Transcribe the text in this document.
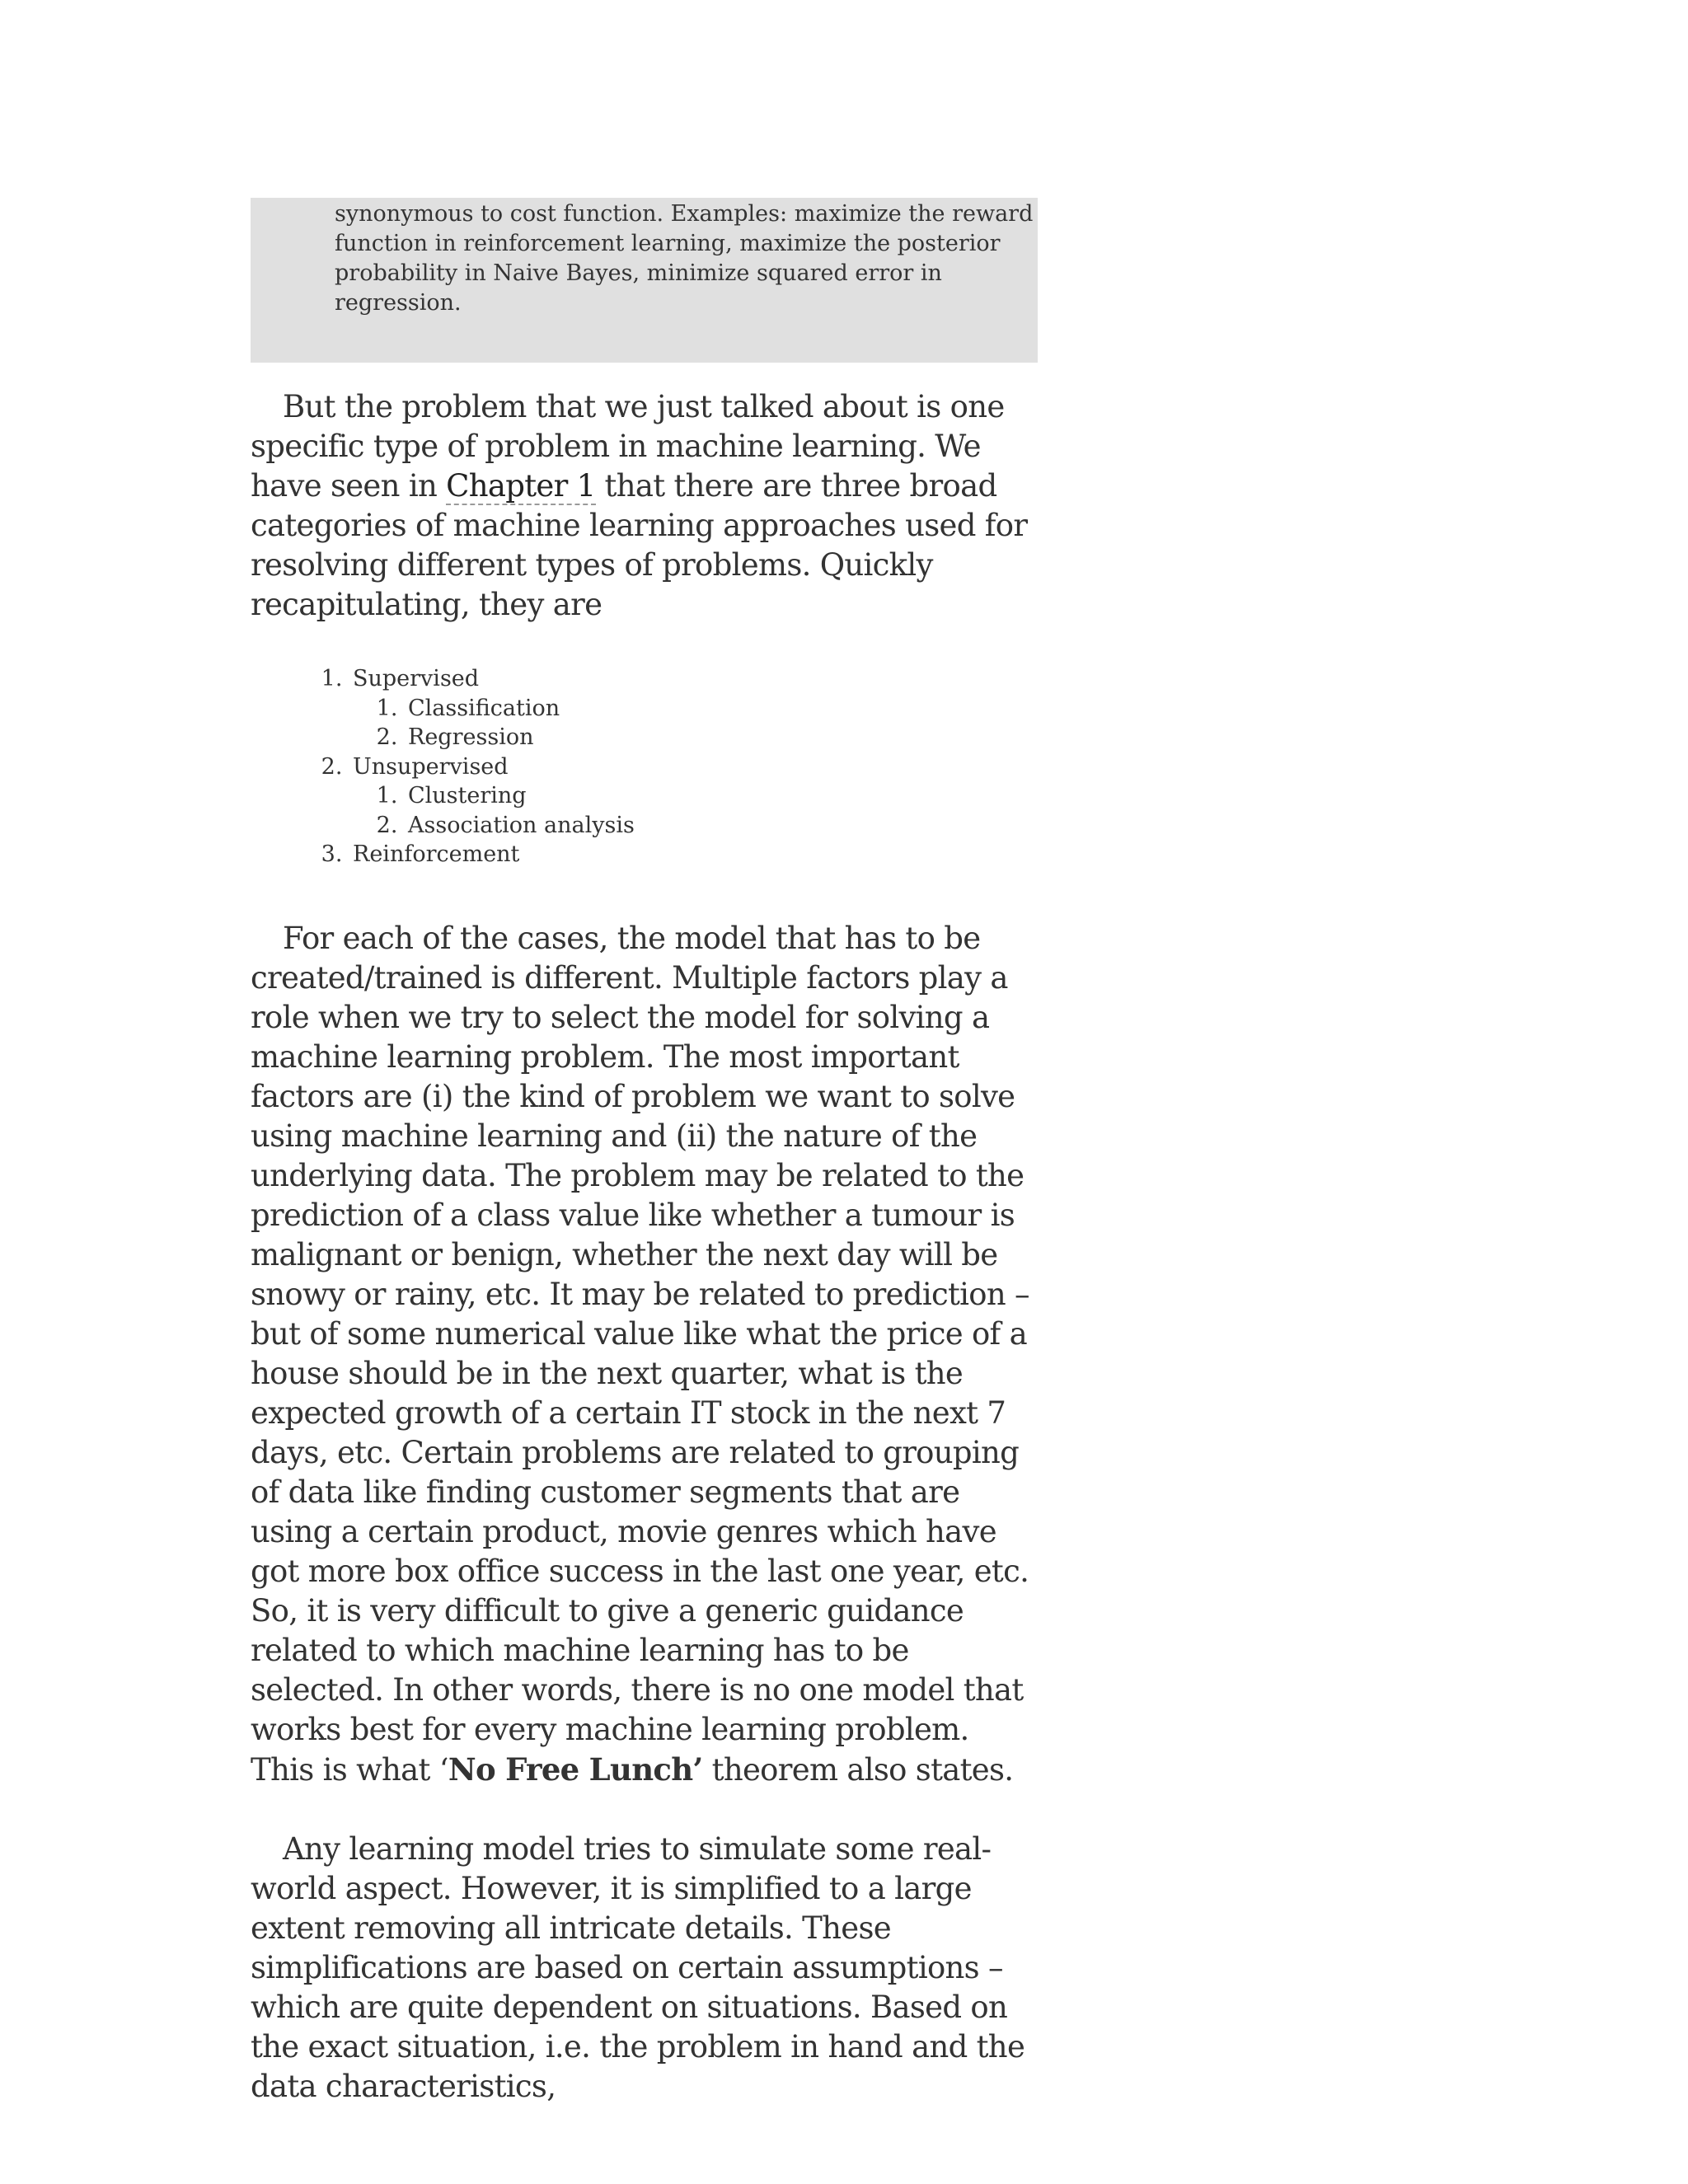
synonymous to cost function. Examples: maximize the reward function in reinforcement learning, maximize the posterior probability in Naive Bayes, minimize squared error in regression.

But the problem that we just talked about is one specific type of problem in machine learning. We have seen in Chapter 1 that there are three broad categories of machine learning approaches used for resolving different types of problems. Quickly recapitulating, they are

1. Supervised
1. Classification
2. Regression
2. Unsupervised
1. Clustering
2. Association analysis
3. Reinforcement

For each of the cases, the model that has to be created/trained is different. Multiple factors play a role when we try to select the model for solving a machine learning problem. The most important factors are (i) the kind of problem we want to solve using machine learning and (ii) the nature of the underlying data. The problem may be related to the prediction of a class value like whether a tumour is malignant or benign, whether the next day will be snowy or rainy, etc. It may be related to prediction – but of some numerical value like what the price of a house should be in the next quarter, what is the expected growth of a certain IT stock in the next 7 days, etc. Certain problems are related to grouping of data like finding customer segments that are using a certain product, movie genres which have got more box office success in the last one year, etc. So, it is very difficult to give a generic guidance related to which machine learning has to be selected. In other words, there is no one model that works best for every machine learning problem. This is what ‘No Free Lunch’ theorem also states.

Any learning model tries to simulate some real-world aspect. However, it is simplified to a large extent removing all intricate details. These simplifications are based on certain assumptions – which are quite dependent on situations. Based on the exact situation, i.e. the problem in hand and the data characteristics,
